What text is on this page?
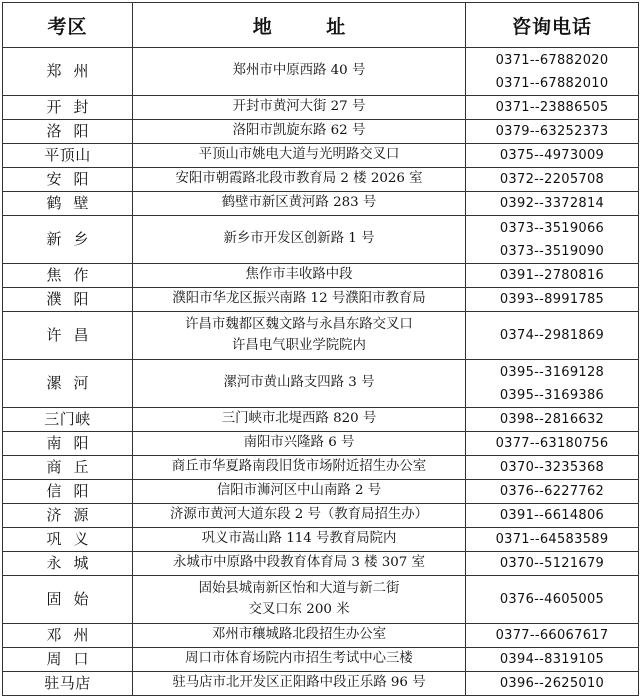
考区	地 址	咨询电话
郑州	郑州市中原西路 40 号	0371--67882020
0371--67882010

开封	开封市黄河大街 27 号	0371--23886505

洛阳	洛阳市凯旋东路 62 号	0379--63252373

平顶山	平顶山市姚电大道与光明路交叉口	0375--4973009

安阳	安阳市朝霞路北段市教育局 2 楼 2026 室	0372--2205708

鹤壁	鹤壁市新区黄河路 283 号	0392--3372814

新乡	新乡市开发区创新路 1 号	0373--3519066
0373--3519090

焦作	焦作市丰收路中段	0391--2780816

濮阳	濮阳市华龙区振兴南路 12 号濮阳市教育局	0393--8991785

许昌	许昌市魏都区魏文路与永昌东路交叉口
许昌电气职业学院院内	0374--2981869

漯河	漯河市黄山路支四路 3 号	0395--3169128
0395--3169386

三门峡	三门峡市北堤西路 820 号	0398--2816632

南阳	南阳市兴隆路 6 号	0377--63180756

商丘	商丘市华夏路南段旧货市场附近招生办公室	0370--3235368

信阳	信阳市浉河区中山南路 2 号	0376--6227762

济源	济源市黄河大道东段 2 号（教育局招生办）	0391--6614806

巩义	巩义市嵩山路 114 号教育局院内	0371--64583589

永城	永城市中原路中段教育体育局 3 楼 307 室	0370--5121679

固始	固始县城南新区怡和大道与新二街
交叉口东 200 米	0376--4605005

邓州	邓州市穰城路北段招生办公室	0377--66067617

周口	周口市体育场院内市招生考试中心三楼	0394--8319105

驻马店	驻马店市北开发区正阳路中段正乐路 96 号	0396--2625010
